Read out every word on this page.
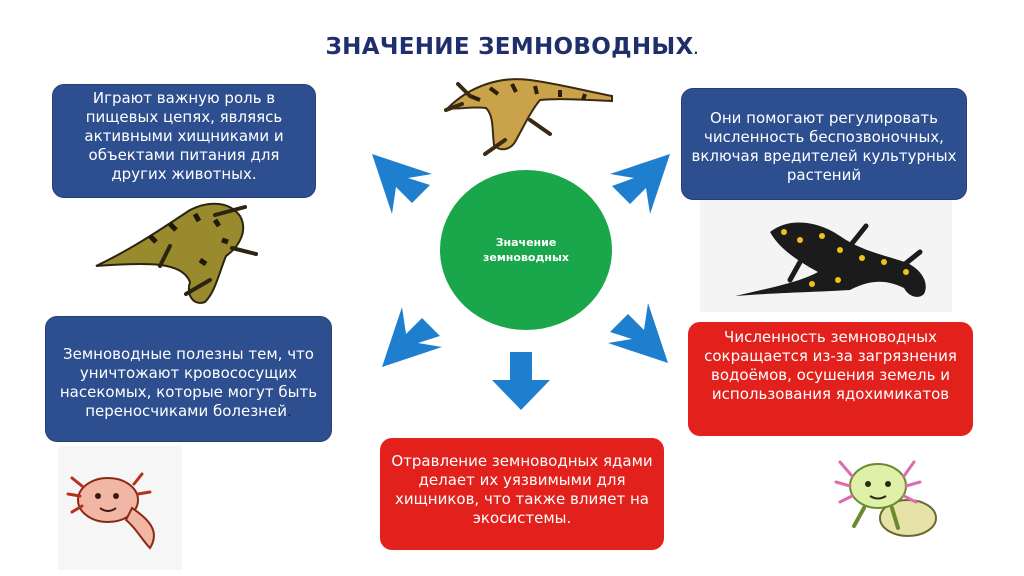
ЗНАЧЕНИЕ ЗЕМНОВОДНЫХ.
Значение земноводных
Играют важную роль в пищевых цепях, являясь активными хищниками и объектами питания для других животных.
Они помогают регулировать численность беспозвоночных, включая вредителей культурных растений
Земноводные полезны тем, что уничтожают кровососущих насекомых, которые могут быть переносчиками болезней.
Численность земноводных сокращается из-за загрязнения водоёмов, осушения земель и использования ядохимикатов
Отравление земноводных ядами делает их уязвимыми для хищников, что также влияет на экосистемы.
